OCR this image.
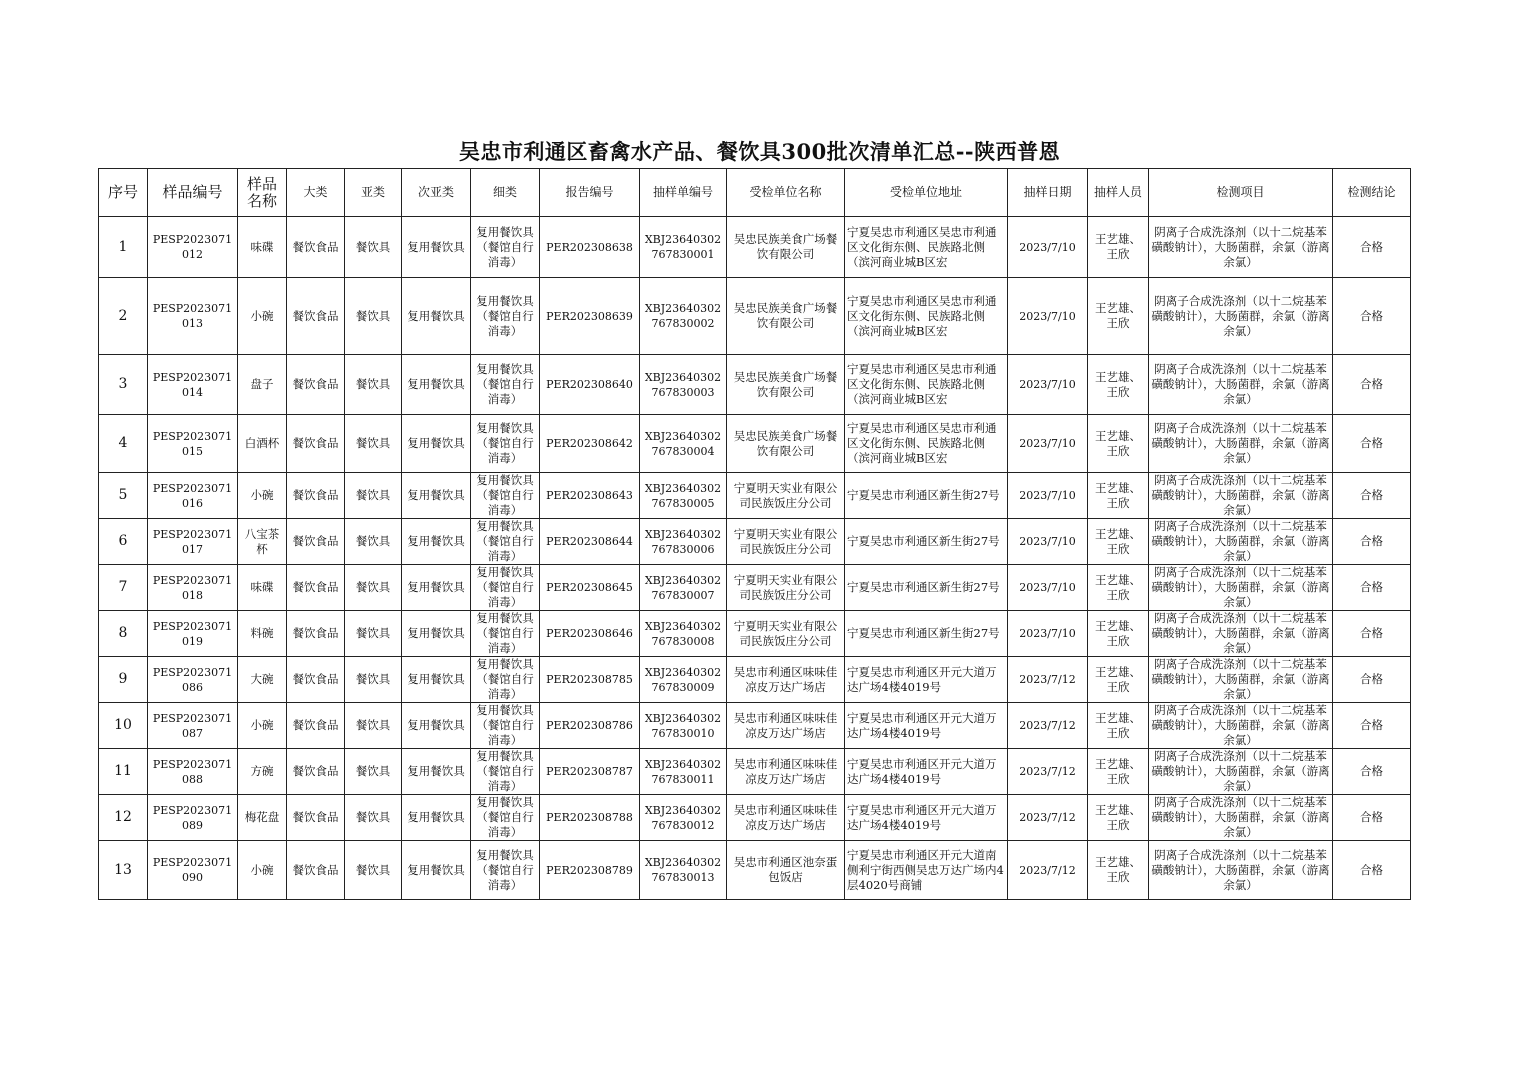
吴忠市利通区畜禽水产品、餐饮具300批次清单汇总--陕西普恩
序号	样品编号	样品名称	大类	亚类	次亚类	细类	报告编号	抽样单编号	受检单位名称	受检单位地址	抽样日期	抽样人员	检测项目	检测结论
1	PESP2023071012	味碟	餐饮食品	餐饮具	复用餐饮具	复用餐饮具（餐馆自行消毒）	PER202308638	XBJ23640302767830001	吴忠民族美食广场餐饮有限公司	宁夏吴忠市利通区吴忠市利通区文化街东侧、民族路北侧（滨河商业城B区宏	2023/7/10	王艺雄、王欣	阴离子合成洗涤剂（以十二烷基苯磺酸钠计），大肠菌群，余氯（游离余氯）	合格
2	PESP2023071013	小碗	餐饮食品	餐饮具	复用餐饮具	复用餐饮具（餐馆自行消毒）	PER202308639	XBJ23640302767830002	吴忠民族美食广场餐饮有限公司	宁夏吴忠市利通区吴忠市利通区文化街东侧、民族路北侧（滨河商业城B区宏	2023/7/10	王艺雄、王欣	阴离子合成洗涤剂（以十二烷基苯磺酸钠计），大肠菌群，余氯（游离余氯）	合格
3	PESP2023071014	盘子	餐饮食品	餐饮具	复用餐饮具	复用餐饮具（餐馆自行消毒）	PER202308640	XBJ23640302767830003	吴忠民族美食广场餐饮有限公司	宁夏吴忠市利通区吴忠市利通区文化街东侧、民族路北侧（滨河商业城B区宏	2023/7/10	王艺雄、王欣	阴离子合成洗涤剂（以十二烷基苯磺酸钠计），大肠菌群，余氯（游离余氯）	合格
4	PESP2023071015	白酒杯	餐饮食品	餐饮具	复用餐饮具	复用餐饮具（餐馆自行消毒）	PER202308642	XBJ23640302767830004	吴忠民族美食广场餐饮有限公司	宁夏吴忠市利通区吴忠市利通区文化街东侧、民族路北侧（滨河商业城B区宏	2023/7/10	王艺雄、王欣	阴离子合成洗涤剂（以十二烷基苯磺酸钠计），大肠菌群，余氯（游离余氯）	合格
5	PESP2023071016	小碗	餐饮食品	餐饮具	复用餐饮具	复用餐饮具（餐馆自行消毒）	PER202308643	XBJ23640302767830005	宁夏明天实业有限公司民族饭庄分公司	宁夏吴忠市利通区新生街27号	2023/7/10	王艺雄、王欣	阴离子合成洗涤剂（以十二烷基苯磺酸钠计），大肠菌群，余氯（游离余氯）	合格
6	PESP2023071017	八宝茶杯	餐饮食品	餐饮具	复用餐饮具	复用餐饮具（餐馆自行消毒）	PER202308644	XBJ23640302767830006	宁夏明天实业有限公司民族饭庄分公司	宁夏吴忠市利通区新生街27号	2023/7/10	王艺雄、王欣	阴离子合成洗涤剂（以十二烷基苯磺酸钠计），大肠菌群，余氯（游离余氯）	合格
7	PESP2023071018	味碟	餐饮食品	餐饮具	复用餐饮具	复用餐饮具（餐馆自行消毒）	PER202308645	XBJ23640302767830007	宁夏明天实业有限公司民族饭庄分公司	宁夏吴忠市利通区新生街27号	2023/7/10	王艺雄、王欣	阴离子合成洗涤剂（以十二烷基苯磺酸钠计），大肠菌群，余氯（游离余氯）	合格
8	PESP2023071019	料碗	餐饮食品	餐饮具	复用餐饮具	复用餐饮具（餐馆自行消毒）	PER202308646	XBJ23640302767830008	宁夏明天实业有限公司民族饭庄分公司	宁夏吴忠市利通区新生街27号	2023/7/10	王艺雄、王欣	阴离子合成洗涤剂（以十二烷基苯磺酸钠计），大肠菌群，余氯（游离余氯）	合格
9	PESP2023071086	大碗	餐饮食品	餐饮具	复用餐饮具	复用餐饮具（餐馆自行消毒）	PER202308785	XBJ23640302767830009	吴忠市利通区味味佳凉皮万达广场店	宁夏吴忠市利通区开元大道万达广场4楼4019号	2023/7/12	王艺雄、王欣	阴离子合成洗涤剂（以十二烷基苯磺酸钠计），大肠菌群，余氯（游离余氯）	合格
10	PESP2023071087	小碗	餐饮食品	餐饮具	复用餐饮具	复用餐饮具（餐馆自行消毒）	PER202308786	XBJ23640302767830010	吴忠市利通区味味佳凉皮万达广场店	宁夏吴忠市利通区开元大道万达广场4楼4019号	2023/7/12	王艺雄、王欣	阴离子合成洗涤剂（以十二烷基苯磺酸钠计），大肠菌群，余氯（游离余氯）	合格
11	PESP2023071088	方碗	餐饮食品	餐饮具	复用餐饮具	复用餐饮具（餐馆自行消毒）	PER202308787	XBJ23640302767830011	吴忠市利通区味味佳凉皮万达广场店	宁夏吴忠市利通区开元大道万达广场4楼4019号	2023/7/12	王艺雄、王欣	阴离子合成洗涤剂（以十二烷基苯磺酸钠计），大肠菌群，余氯（游离余氯）	合格
12	PESP2023071089	梅花盘	餐饮食品	餐饮具	复用餐饮具	复用餐饮具（餐馆自行消毒）	PER202308788	XBJ23640302767830012	吴忠市利通区味味佳凉皮万达广场店	宁夏吴忠市利通区开元大道万达广场4楼4019号	2023/7/12	王艺雄、王欣	阴离子合成洗涤剂（以十二烷基苯磺酸钠计），大肠菌群，余氯（游离余氯）	合格
13	PESP2023071090	小碗	餐饮食品	餐饮具	复用餐饮具	复用餐饮具（餐馆自行消毒）	PER202308789	XBJ23640302767830013	吴忠市利通区池奈蛋包饭店	宁夏吴忠市利通区开元大道南侧利宁街西侧吴忠万达广场内4层4020号商铺	2023/7/12	王艺雄、王欣	阴离子合成洗涤剂（以十二烷基苯磺酸钠计），大肠菌群，余氯（游离余氯）	合格
